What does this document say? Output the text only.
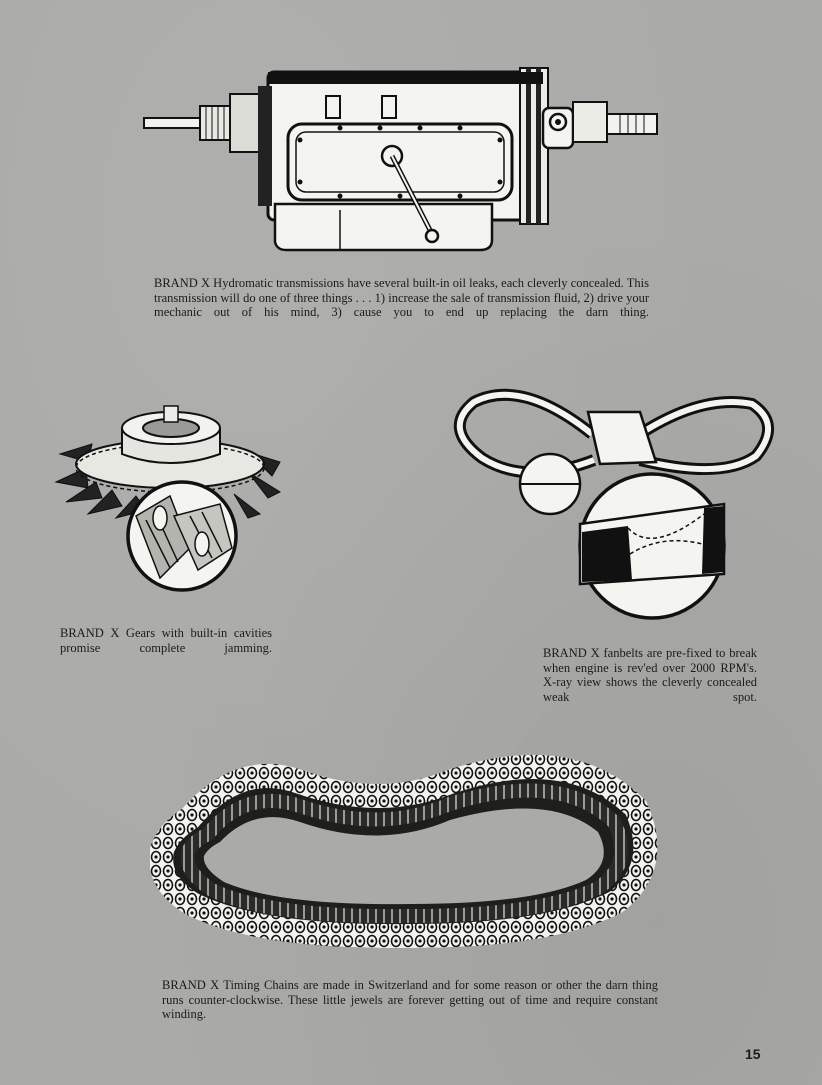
BRAND X Hydromatic transmissions have several built-in oil leaks, each cleverly concealed. This transmission will do one of three things . . . 1) increase the sale of transmission fluid, 2) drive your mechanic out of his mind, 3) cause you to end up replacing the darn thing.

BRAND X Gears with built-in cavities promise complete jamming.	BRAND X fanbelts are pre-fixed to break when engine is rev'ed over 2000 RPM's. X-ray view shows the cleverly concealed weak spot.

BRAND X Timing Chains are made in Switzerland and for some reason or other the darn thing runs counter-clockwise. These little jewels are forever getting out of time and require constant winding.

15
